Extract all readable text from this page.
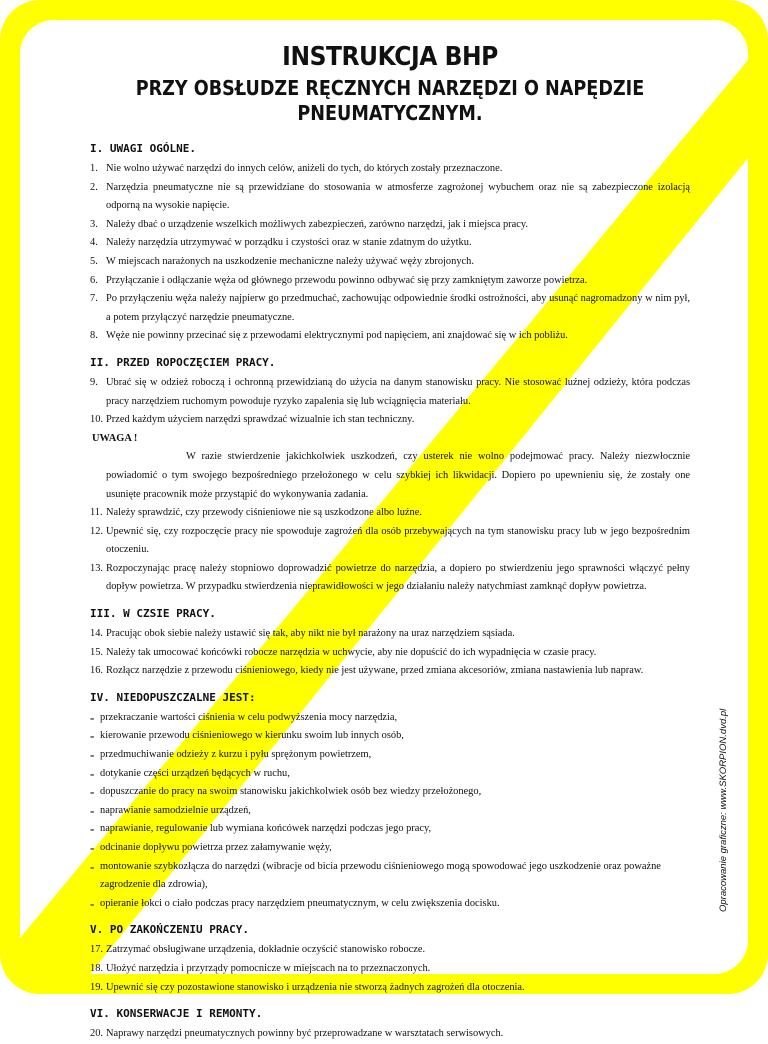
INSTRUKCJA BHP
PRZY OBSŁUDZE RĘCZNYCH NARZĘDZI O NAPĘDZIE
PNEUMATYCZNYM.
I. UWAGI OGÓLNE.
1. Nie wolno używać narzędzi do innych celów, aniżeli do tych, do których zostały przeznaczone.
2. Narzędzia pneumatyczne nie są przewidziane do stosowania w atmosferze zagrożonej wybuchem oraz nie są zabezpieczone izolacją odporną na wysokie napięcie.
3. Należy dbać o urządzenie wszelkich możliwych zabezpieczeń, zarówno narzędzi, jak i miejsca pracy.
4. Należy narzędzia utrzymywać w porządku i czystości oraz w stanie zdatnym do użytku.
5. W miejscach narażonych na uszkodzenie mechaniczne należy używać węży zbrojonych.
6. Przyłączanie i odłączanie węża od głównego przewodu powinno odbywać się przy zamkniętym zaworze powietrza.
7. Po przyłączeniu węża należy najpierw go przedmuchać, zachowując odpowiednie środki ostrożności, aby usunąć nagromadzony w nim pył, a potem przyłączyć narzędzie pneumatyczne.
8. Węże nie powinny przecinać się z przewodami elektrycznymi pod napięciem, ani znajdować się w ich pobliżu.
II. PRZED ROPOCZĘCIEM PRACY.
9. Ubrać się w odzież roboczą i ochronną przewidzianą do użycia na danym stanowisku pracy. Nie stosować luźnej odzieży, która podczas pracy narzędziem ruchomym powoduje ryzyko zapalenia się lub wciągnięcia materiału.
10. Przed każdym użyciem narzędzi sprawdzać wizualnie ich stan techniczny.
UWAGA !
W razie stwierdzenie jakichkolwiek uszkodzeń, czy usterek nie wolno podejmować pracy. Należy niezwłocznie powiadomić o tym swojego bezpośredniego przełożonego w celu szybkiej ich likwidacji. Dopiero po upewnieniu się, że zostały one usunięte pracownik może przystąpić do wykonywania zadania.
11. Należy sprawdzić, czy przewody ciśnieniowe nie są uszkodzone albo luźne.
12. Upewnić się, czy rozpoczęcie pracy nie spowoduje zagrożeń dla osób przebywających na tym stanowisku pracy lub w jego bezpośrednim otoczeniu.
13. Rozpoczynając pracę należy stopniowo doprowadzić powietrze do narzędzia, a dopiero po stwierdzeniu jego sprawności włączyć pełny dopływ powietrza. W przypadku stwierdzenia nieprawidłowości w jego działaniu należy natychmiast zamknąć dopływ powietrza.
III. W CZSIE PRACY.
14. Pracując obok siebie należy ustawić się tak, aby nikt nie był narażony na uraz narzędziem sąsiada.
15. Należy tak umocować końcówki robocze narzędzia w uchwycie, aby nie dopuścić do ich wypadnięcia w czasie pracy.
16. Rozłącz narzędzie z przewodu ciśnieniowego, kiedy nie jest używane, przed zmiana akcesoriów, zmiana nastawienia lub napraw.
IV. NIEDOPUSZCZALNE JEST:
- przekraczanie wartości ciśnienia w celu podwyższenia mocy narzędzia,
- kierowanie przewodu ciśnieniowego w kierunku swoim lub innych osób,
- przedmuchiwanie odzieży z kurzu i pyłu sprężonym powietrzem,
- dotykanie części urządzeń będących w ruchu,
- dopuszczanie do pracy na swoim stanowisku jakichkolwiek osób bez wiedzy przełożonego,
- naprawianie samodzielnie urządzeń,
- naprawianie, regulowanie lub wymiana końcówek narzędzi podczas jego pracy,
- odcinanie dopływu powietrza przez załamywanie węży,
- montowanie szybkozłącza do narzędzi (wibracje od bicia przewodu ciśnieniowego mogą spowodować jego uszkodzenie oraz poważne zagrodzenie dla zdrowia),
- opieranie łokci o ciało podczas pracy narzędziem pneumatycznym, w celu zwiększenia docisku.
V. PO ZAKOŃCZENIU PRACY.
17. Zatrzymać obsługiwane urządzenia, dokładnie oczyścić stanowisko robocze.
18. Ułożyć narzędzia i przyrządy pomocnicze w miejscach na to przeznaczonych.
19. Upewnić się czy pozostawione stanowisko i urządzenia nie stworzą żadnych zagrożeń dla otoczenia.
VI. KONSERWACJE I REMONTY.
20. Naprawy narzędzi pneumatycznych powinny być przeprowadzane w warsztatach serwisowych.
Opracowanie graficzne: www.SKORPION.dvd.pl
